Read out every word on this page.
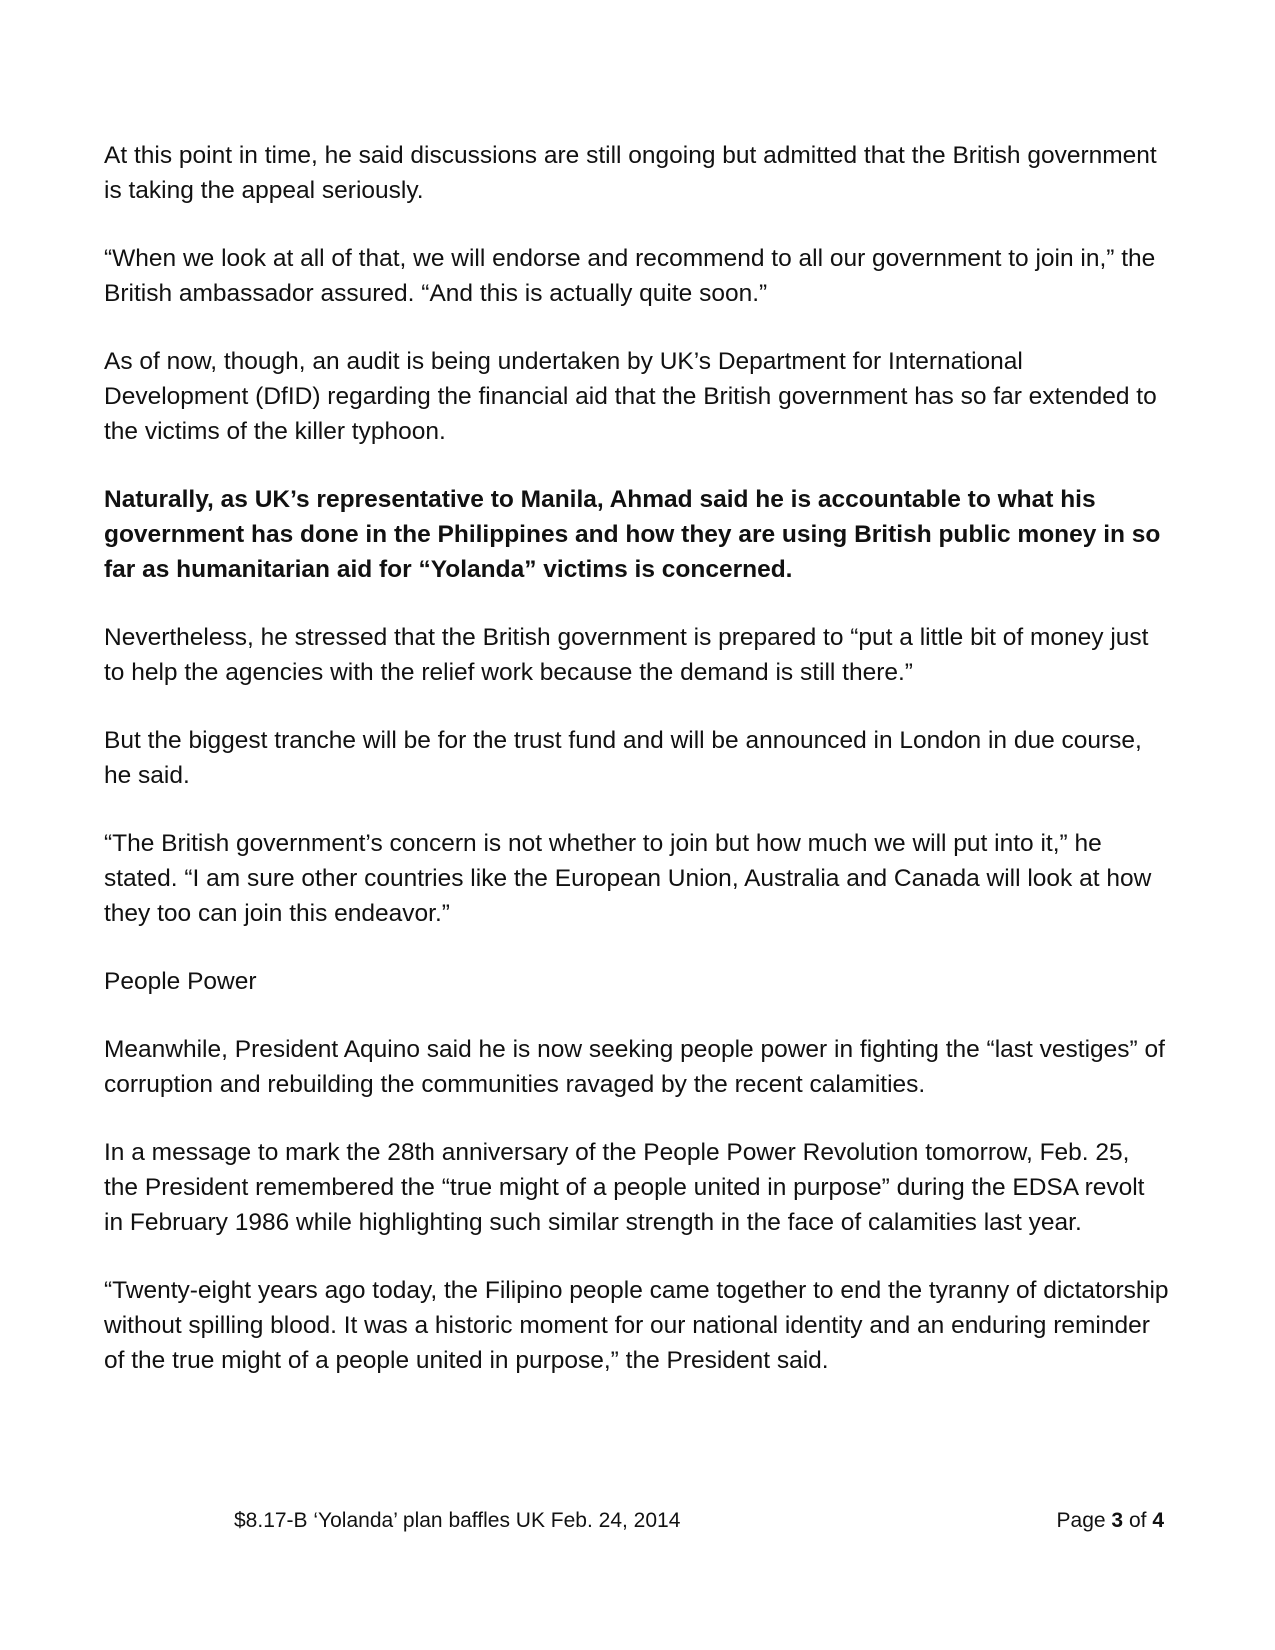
At this point in time, he said discussions are still ongoing but admitted that the British government is taking the appeal seriously.

“When we look at all of that, we will endorse and recommend to all our government to join in,” the British ambassador assured. “And this is actually quite soon.”

As of now, though, an audit is being undertaken by UK’s Department for International Development (DfID) regarding the financial aid that the British government has so far extended to the victims of the killer typhoon.

Naturally, as UK’s representative to Manila, Ahmad said he is accountable to what his government has done in the Philippines and how they are using British public money in so far as humanitarian aid for “Yolanda” victims is concerned.

Nevertheless, he stressed that the British government is prepared to “put a little bit of money just to help the agencies with the relief work because the demand is still there.”

But the biggest tranche will be for the trust fund and will be announced in London in due course, he said.

“The British government’s concern is not whether to join but how much we will put into it,” he stated. “I am sure other countries like the European Union, Australia and Canada will look at how they too can join this endeavor.”

People Power

Meanwhile, President Aquino said he is now seeking people power in fighting the “last vestiges” of corruption and rebuilding the communities ravaged by the recent calamities.

In a message to mark the 28th anniversary of the People Power Revolution tomorrow, Feb. 25, the President remembered the “true might of a people united in purpose” during the EDSA revolt in February 1986 while highlighting such similar strength in the face of calamities last year.

“Twenty-eight years ago today, the Filipino people came together to end the tyranny of dictatorship without spilling blood. It was a historic moment for our national identity and an enduring reminder of the true might of a people united in purpose,” the President said.

$8.17-B ‘Yolanda’ plan baffles UK Feb. 24, 2014	Page 3 of 4
